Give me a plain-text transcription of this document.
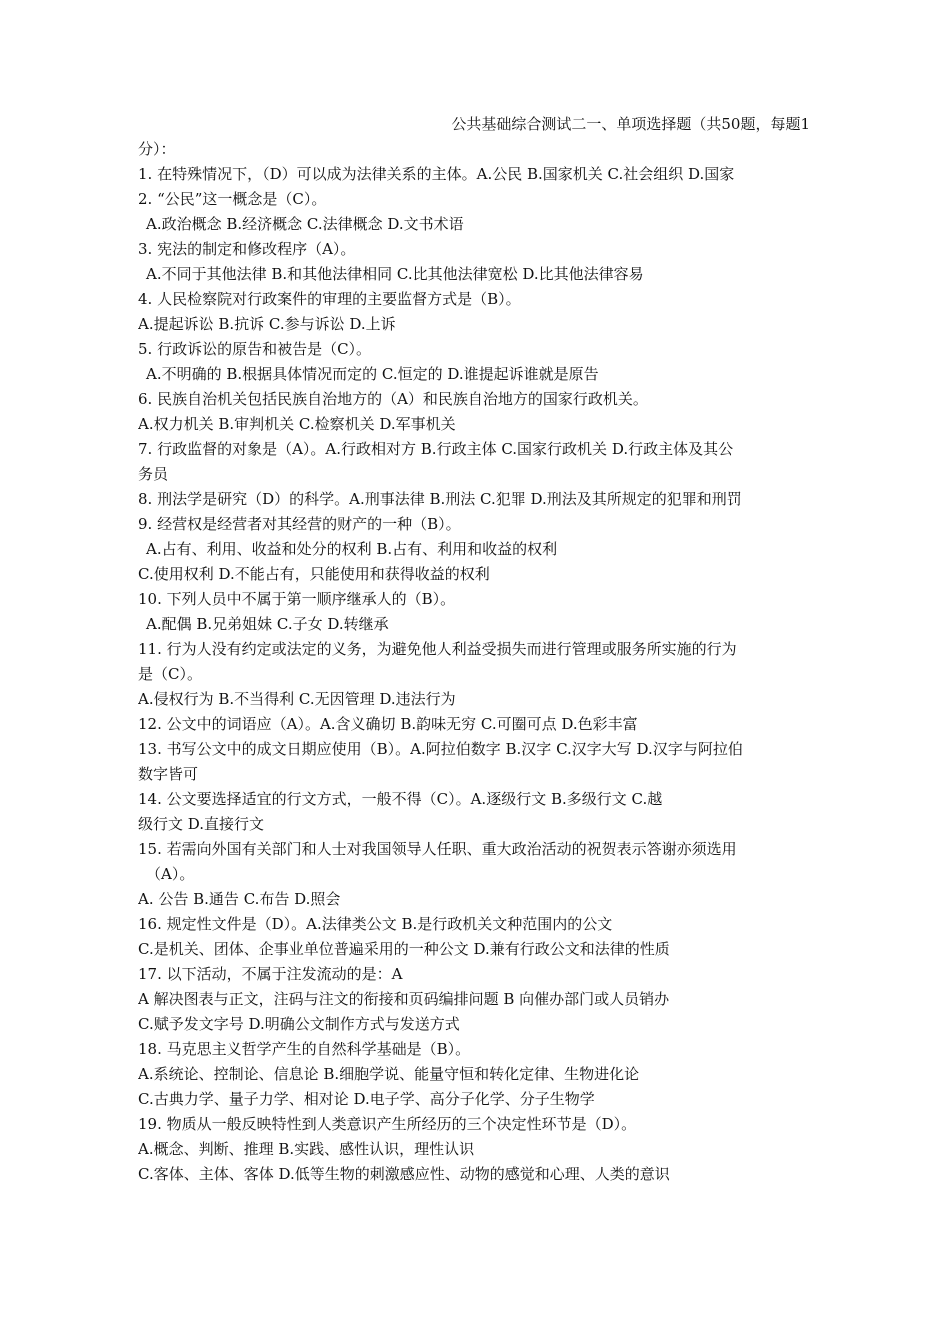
公共基础综合测试二一、单项选择题（共50题，每题1
分）：
1. 在特殊情况下，（D）可以成为法律关系的主体。A.公民 B.国家机关 C.社会组织 D.国家
2. “公民”这一概念是（C）。
A.政治概念 B.经济概念 C.法律概念 D.文书术语
3. 宪法的制定和修改程序（A）。
A.不同于其他法律 B.和其他法律相同 C.比其他法律宽松 D.比其他法律容易
4. 人民检察院对行政案件的审理的主要监督方式是（B）。
A.提起诉讼 B.抗诉 C.参与诉讼 D.上诉
5. 行政诉讼的原告和被告是（C）。
A.不明确的 B.根据具体情况而定的 C.恒定的 D.谁提起诉谁就是原告
6. 民族自治机关包括民族自治地方的（A）和民族自治地方的国家行政机关。
A.权力机关 B.审判机关 C.检察机关 D.军事机关
7. 行政监督的对象是（A）。A.行政相对方 B.行政主体 C.国家行政机关 D.行政主体及其公
务员
8. 刑法学是研究（D）的科学。A.刑事法律 B.刑法 C.犯罪 D.刑法及其所规定的犯罪和刑罚
9. 经营权是经营者对其经营的财产的一种（B）。
A.占有、利用、收益和处分的权利 B.占有、利用和收益的权利
C.使用权利 D.不能占有，只能使用和获得收益的权利
10. 下列人员中不属于第一顺序继承人的（B）。
A.配偶 B.兄弟姐妹 C.子女 D.转继承
11. 行为人没有约定或法定的义务，为避免他人利益受损失而进行管理或服务所实施的行为
是（C）。
A.侵权行为 B.不当得利 C.无因管理 D.违法行为
12. 公文中的词语应（A）。A.含义确切 B.韵味无穷 C.可圈可点 D.色彩丰富
13. 书写公文中的成文日期应使用（B）。A.阿拉伯数字 B.汉字 C.汉字大写 D.汉字与阿拉伯
数字皆可
14. 公文要选择适宜的行文方式，一般不得（C）。A.逐级行文 B.多级行文 C.越
级行文 D.直接行文
15. 若需向外国有关部门和人士对我国领导人任职、重大政治活动的祝贺表示答谢亦须选用
（A）。
A. 公告 B.通告 C.布告 D.照会
16. 规定性文件是（D）。A.法律类公文 B.是行政机关文种范围内的公文
C.是机关、团体、企事业单位普遍采用的一种公文 D.兼有行政公文和法律的性质
17. 以下活动，不属于注发流动的是：A
A 解决图表与正文，注码与注文的衔接和页码编排问题 B 向催办部门或人员销办
C.赋予发文字号 D.明确公文制作方式与发送方式
18. 马克思主义哲学产生的自然科学基础是（B）。
A.系统论、控制论、信息论 B.细胞学说、能量守恒和转化定律、生物进化论
C.古典力学、量子力学、相对论 D.电子学、高分子化学、分子生物学
19. 物质从一般反映特性到人类意识产生所经历的三个决定性环节是（D）。
A.概念、判断、推理 B.实践、感性认识，理性认识
C.客体、主体、客体 D.低等生物的刺激感应性、动物的感觉和心理、人类的意识
